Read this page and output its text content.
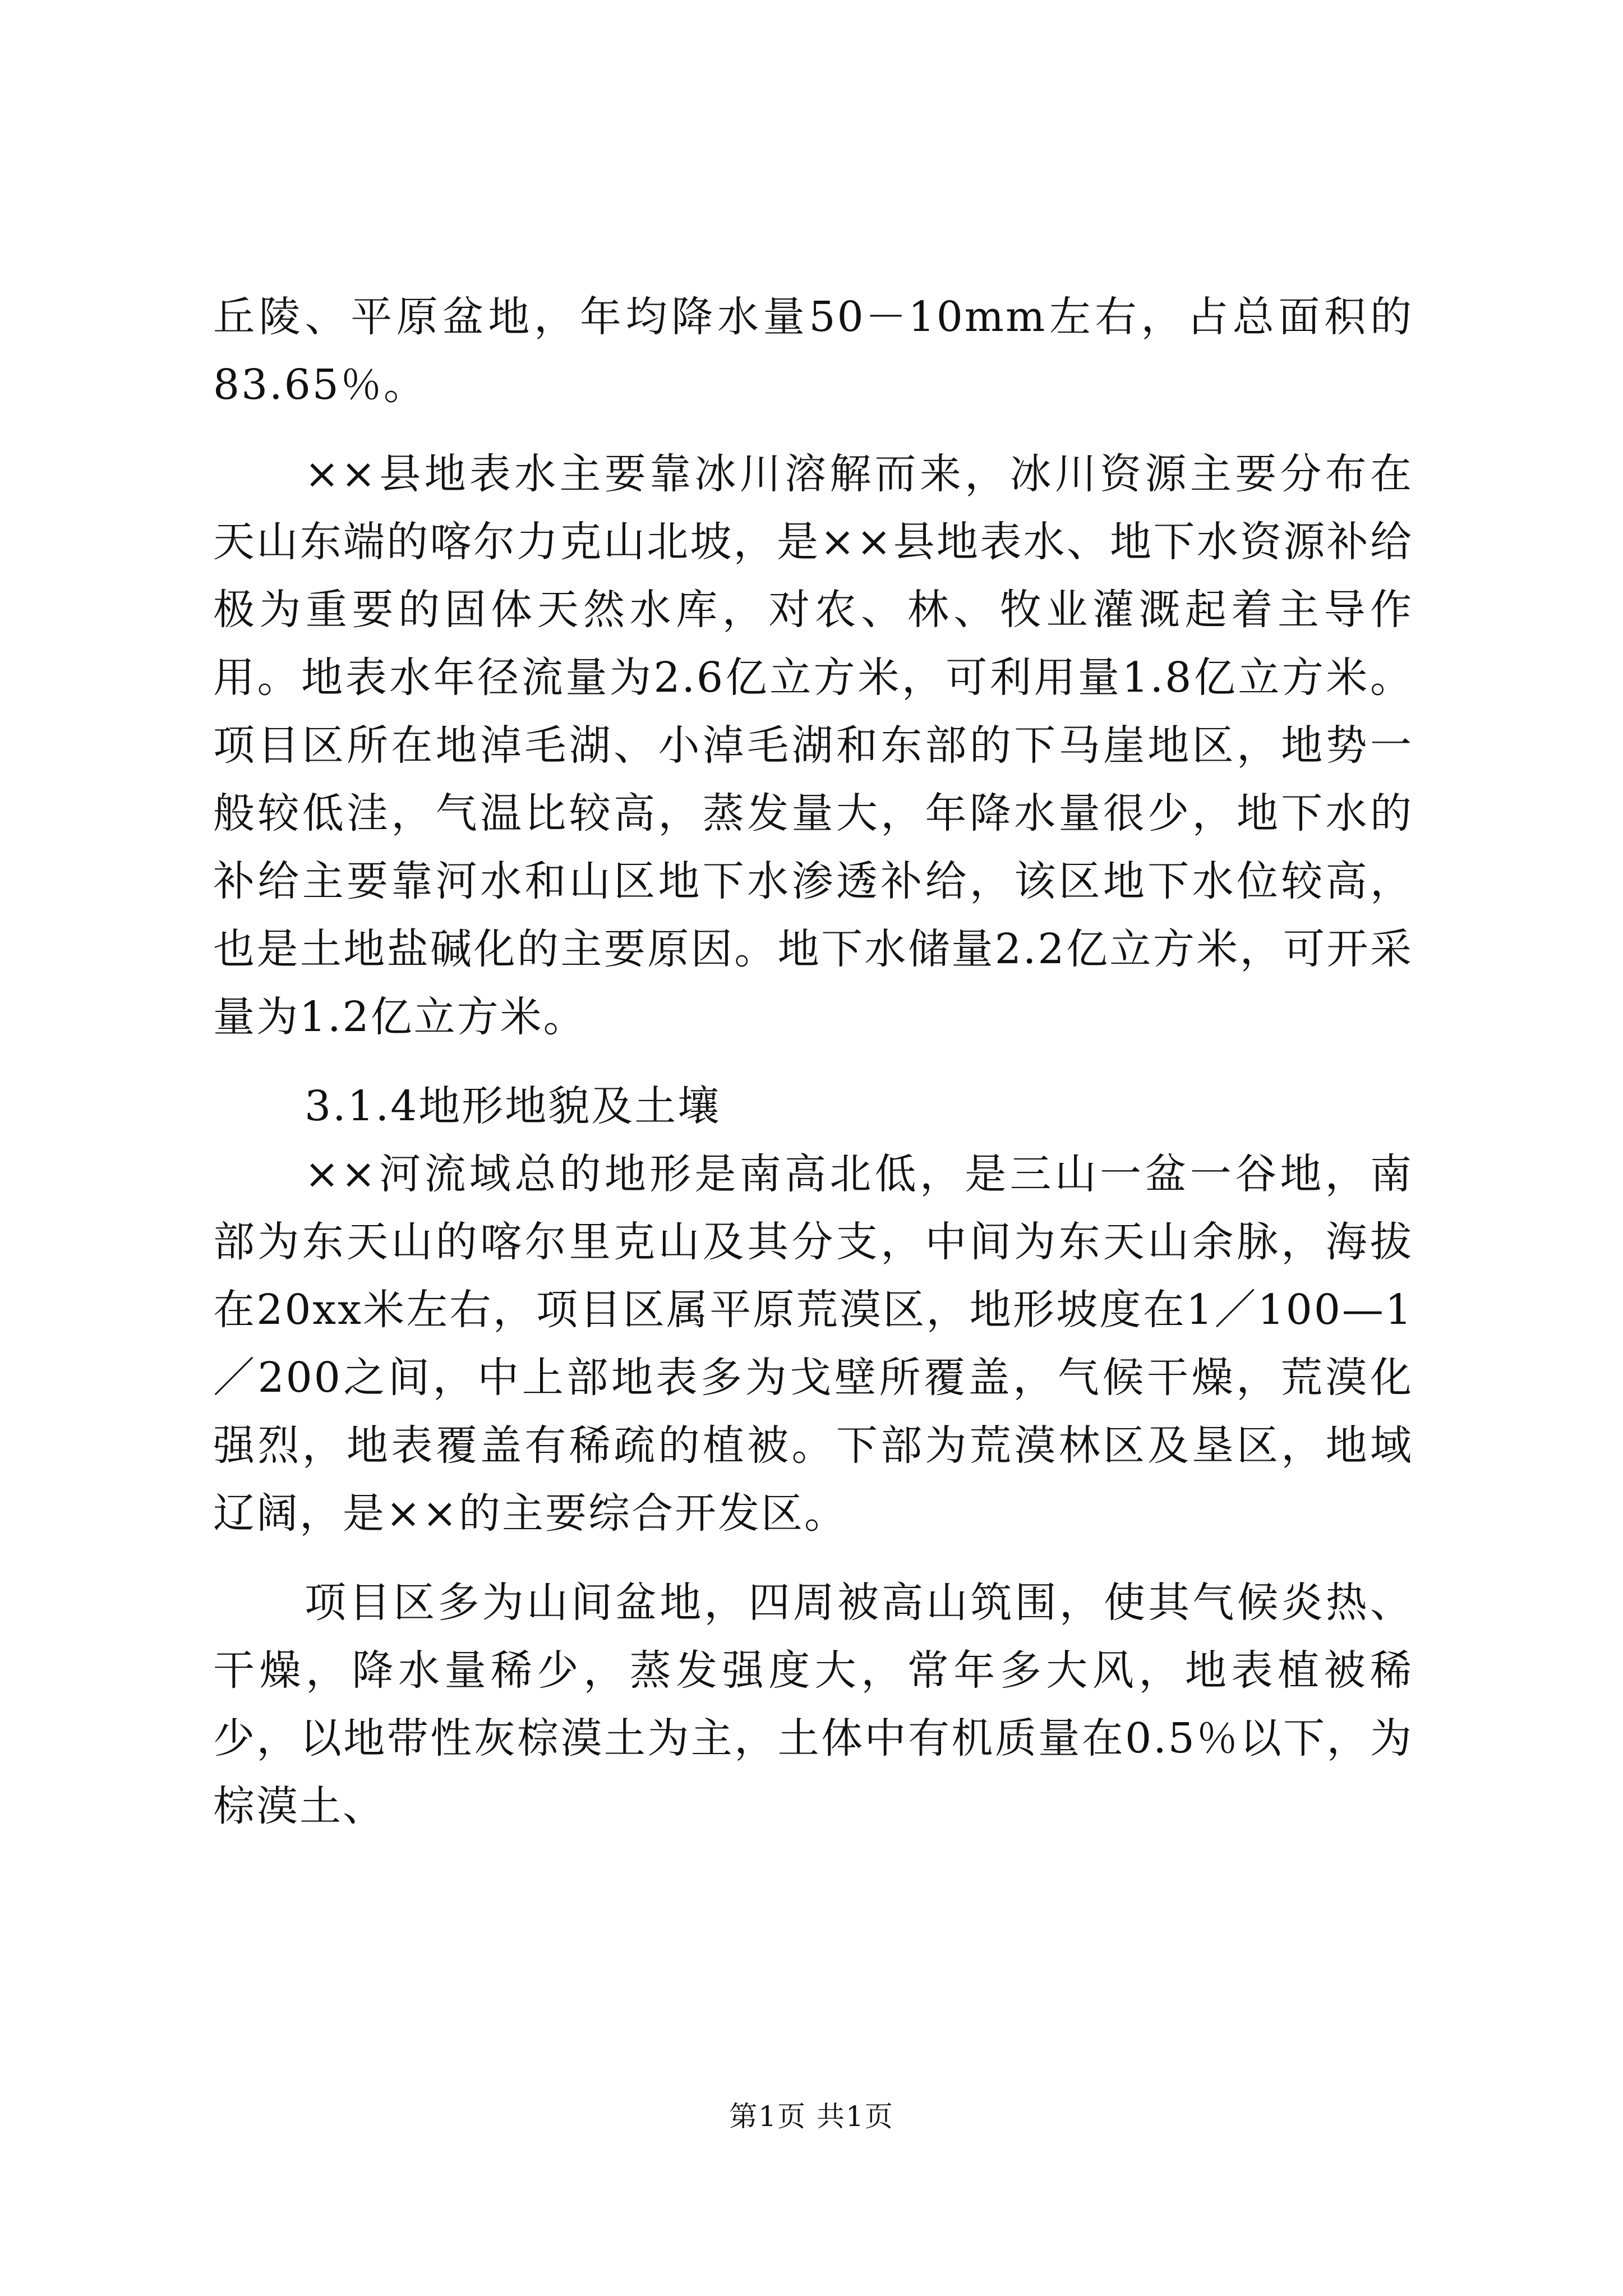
丘陵、平原盆地，年均降水量50－10mm左右，占总面积的83.65％。

××县地表水主要靠冰川溶解而来，冰川资源主要分布在天山东端的喀尔力克山北坡，是××县地表水、地下水资源补给极为重要的固体天然水库，对农、林、牧业灌溉起着主导作用。地表水年径流量为2.6亿立方米，可利用量1.8亿立方米。项目区所在地淖毛湖、小淖毛湖和东部的下马崖地区，地势一般较低洼，气温比较高，蒸发量大，年降水量很少，地下水的补给主要靠河水和山区地下水渗透补给，该区地下水位较高，也是土地盐碱化的主要原因。地下水储量2.2亿立方米，可开采量为1.2亿立方米。

3.1.4地形地貌及土壤

××河流域总的地形是南高北低，是三山一盆一谷地，南部为东天山的喀尔里克山及其分支，中间为东天山余脉，海拔在20xx米左右，项目区属平原荒漠区，地形坡度在1／100—1／200之间，中上部地表多为戈壁所覆盖，气候干燥，荒漠化强烈，地表覆盖有稀疏的植被。下部为荒漠林区及垦区，地域辽阔，是××的主要综合开发区。

项目区多为山间盆地，四周被高山筑围，使其气候炎热、干燥，降水量稀少，蒸发强度大，常年多大风，地表植被稀少，以地带性灰棕漠土为主，土体中有机质量在0.5％以下，为棕漠土、

第1页 共1页
